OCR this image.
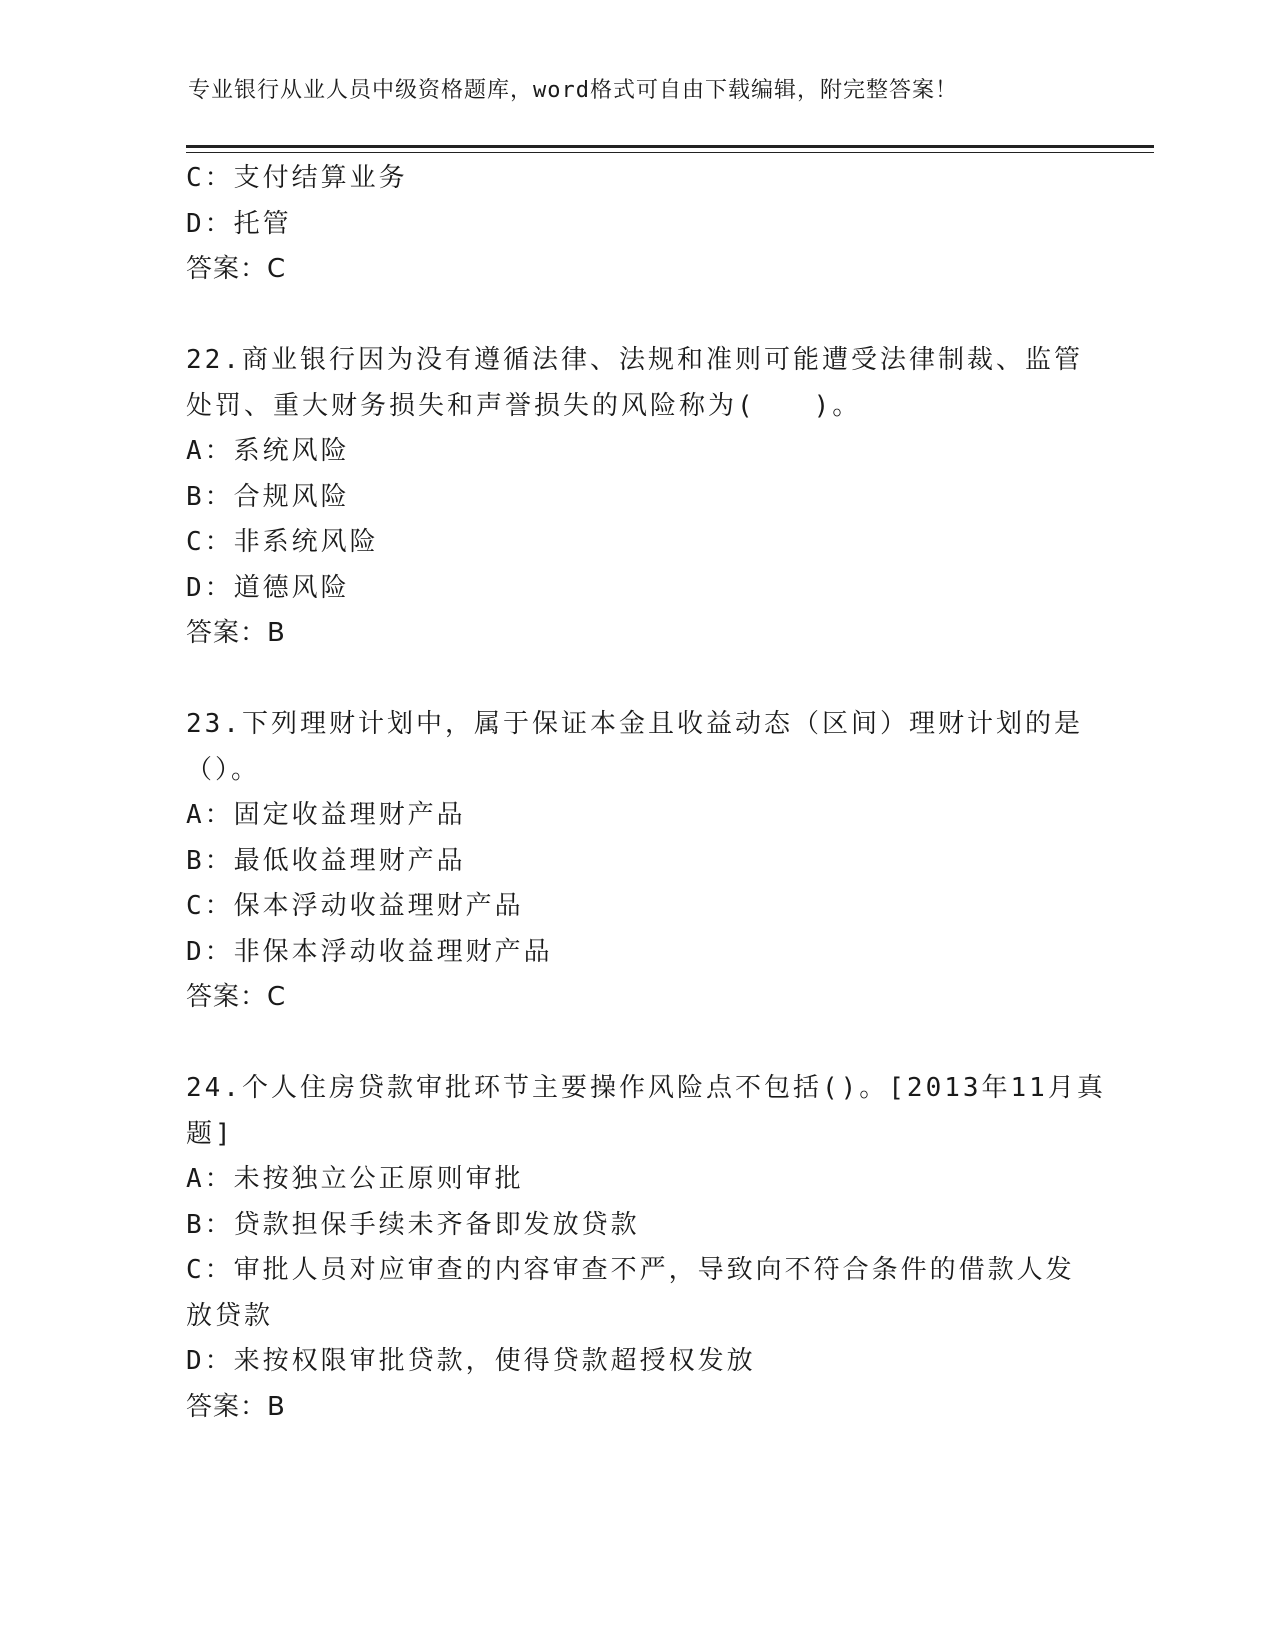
专业银行从业人员中级资格题库，word格式可自由下载编辑，附完整答案！
C：支付结算业务
D：托管
答案：C
22.商业银行因为没有遵循法律、法规和准则可能遭受法律制裁、监管
处罚、重大财务损失和声誉损失的风险称为(　　)。
A：系统风险
B：合规风险
C：非系统风险
D：道德风险
答案：B
23.下列理财计划中，属于保证本金且收益动态（区间）理财计划的是
（）。
A：固定收益理财产品
B：最低收益理财产品
C：保本浮动收益理财产品
D：非保本浮动收益理财产品
答案：C
24.个人住房贷款审批环节主要操作风险点不包括()。[2013年11月真
题]
A：未按独立公正原则审批
B：贷款担保手续未齐备即发放贷款
C：审批人员对应审查的内容审查不严，导致向不符合条件的借款人发
放贷款
D：来按权限审批贷款，使得贷款超授权发放
答案：B
